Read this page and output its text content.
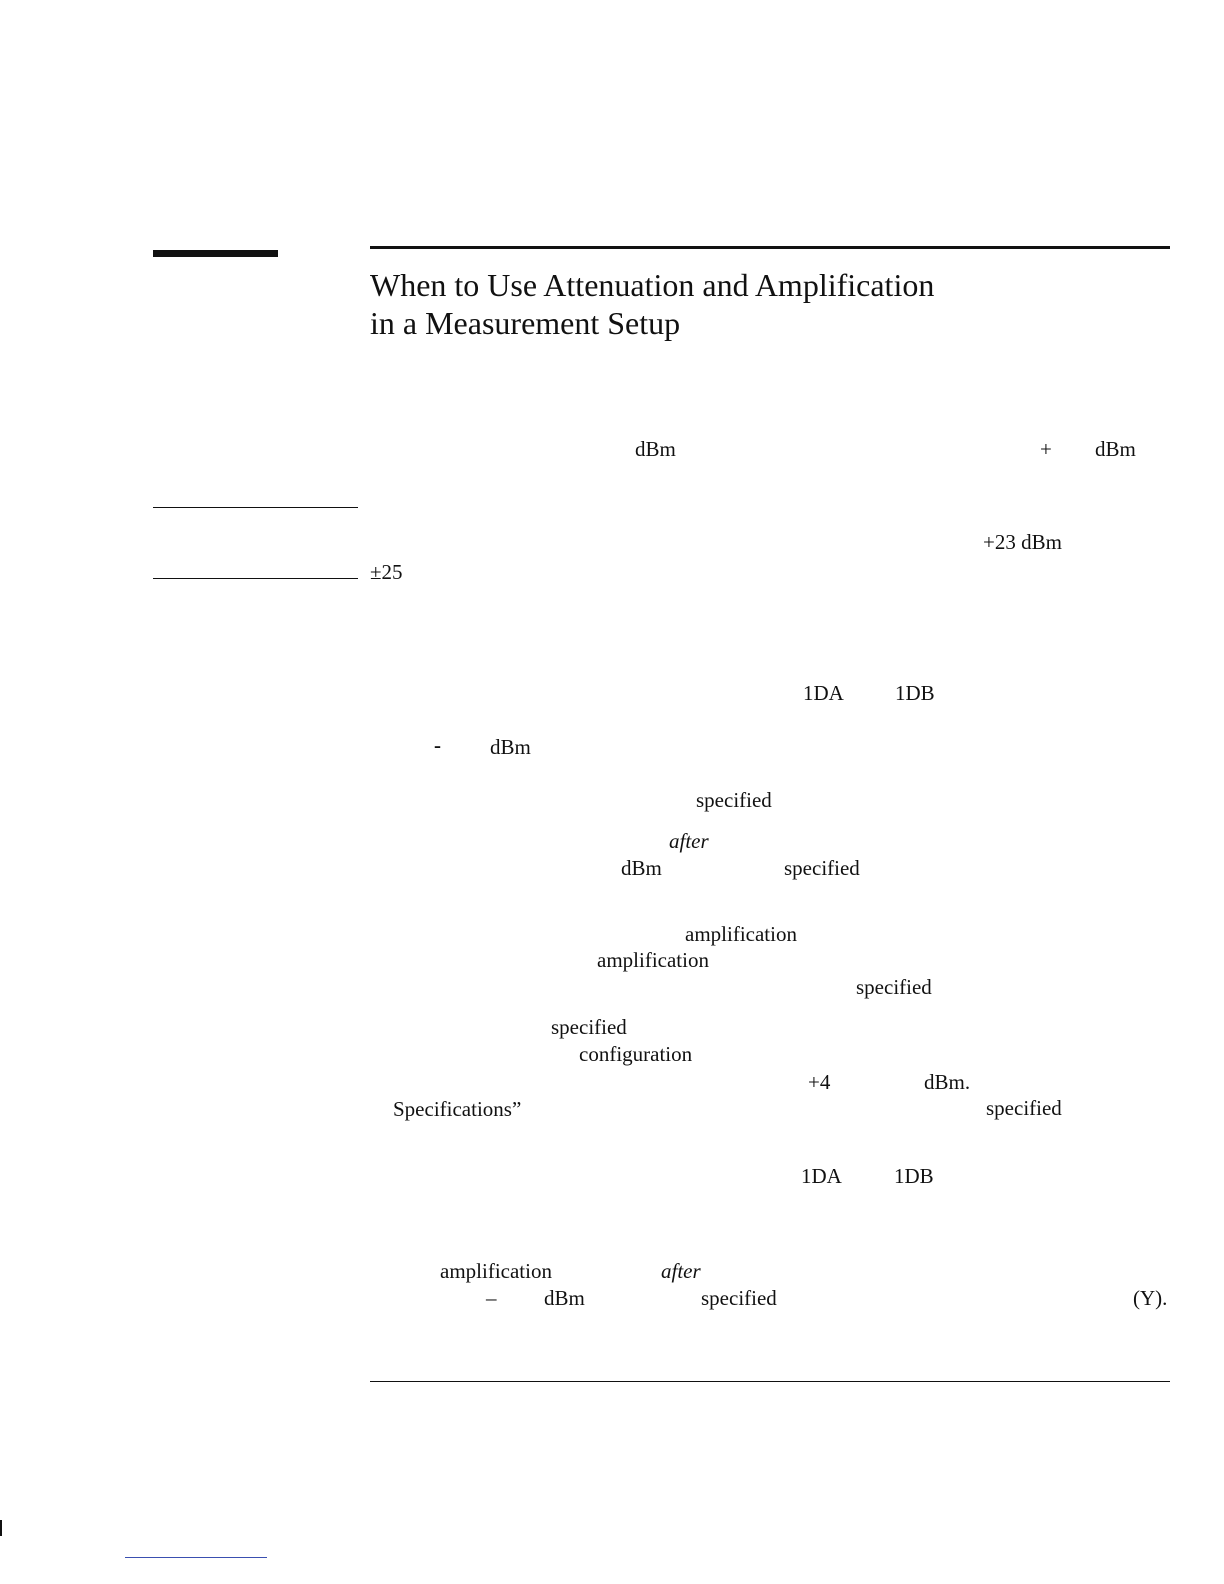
When to Use Attenuation and Amplification
in a Measurement Setup
dBm	+ dBm
+23 dBm
±25
1DA 1DB
- dBm
specified
after
dBm	specified
amplification
amplification
specified
specified
configuration
+4	dBm.
Specifications”	specified
1DA 1DB
amplification	after
– dBm	specified	(Y).
